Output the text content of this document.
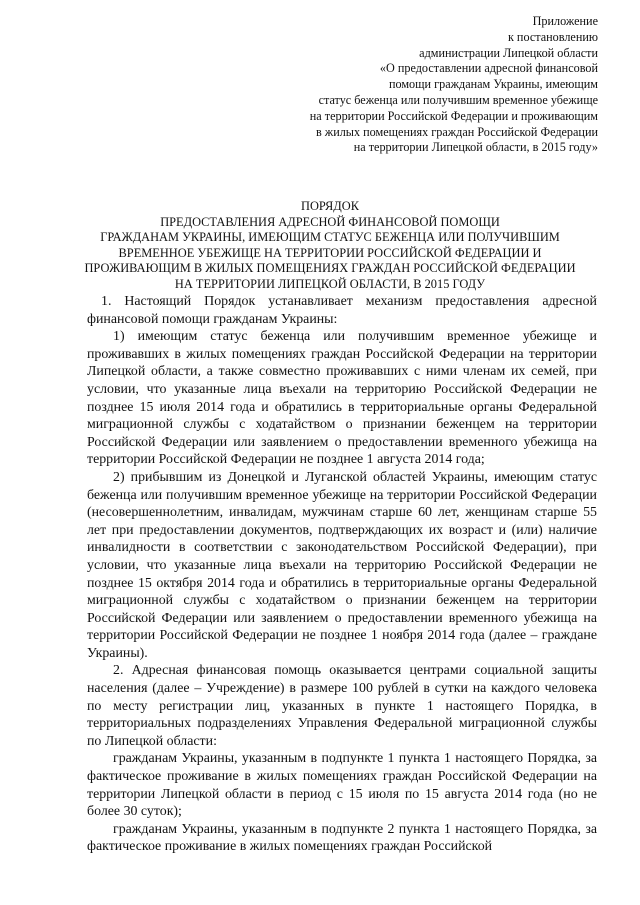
Приложение
к постановлению
администрации Липецкой области
«О предоставлении адресной финансовой
помощи гражданам Украины, имеющим
статус беженца или получившим временное убежище
на территории Российской Федерации и проживающим
в жилых помещениях граждан Российской Федерации
на территории Липецкой области, в 2015 году»
ПОРЯДОК
ПРЕДОСТАВЛЕНИЯ АДРЕСНОЙ ФИНАНСОВОЙ ПОМОЩИ
ГРАЖДАНАМ УКРАИНЫ, ИМЕЮЩИМ СТАТУС БЕЖЕНЦА ИЛИ ПОЛУЧИВШИМ
ВРЕМЕННОЕ УБЕЖИЩЕ НА ТЕРРИТОРИИ РОССИЙСКОЙ ФЕДЕРАЦИИ И
ПРОЖИВАЮЩИМ В ЖИЛЫХ ПОМЕЩЕНИЯХ ГРАЖДАН РОССИЙСКОЙ ФЕДЕРАЦИИ
НА ТЕРРИТОРИИ ЛИПЕЦКОЙ ОБЛАСТИ, В 2015 ГОДУ

1. Настоящий Порядок устанавливает механизм предоставления адресной финансовой помощи гражданам Украины:

1) имеющим статус беженца или получившим временное убежище и проживавших в жилых помещениях граждан Российской Федерации на территории Липецкой области, а также совместно проживавших с ними членам их семей, при условии, что указанные лица въехали на территорию Российской Федерации не позднее 15 июля 2014 года и обратились в территориальные органы Федеральной миграционной службы с ходатайством о признании беженцем на территории Российской Федерации или заявлением о предоставлении временного убежища на территории Российской Федерации не позднее 1 августа 2014 года;

2) прибывшим из Донецкой и Луганской областей Украины, имеющим статус беженца или получившим временное убежище на территории Российской Федерации (несовершеннолетним, инвалидам, мужчинам старше 60 лет, женщинам старше 55 лет при предоставлении документов, подтверждающих их возраст и (или) наличие инвалидности в соответствии с законодательством Российской Федерации), при условии, что указанные лица въехали на территорию Российской Федерации не позднее 15 октября 2014 года и обратились в территориальные органы Федеральной миграционной службы с ходатайством о признании беженцем на территории Российской Федерации или заявлением о предоставлении временного убежища на территории Российской Федерации не позднее 1 ноября 2014 года (далее – граждане Украины).

2. Адресная финансовая помощь оказывается центрами социальной защиты населения (далее – Учреждение) в размере 100 рублей в сутки на каждого человека по месту регистрации лиц, указанных в пункте 1 настоящего Порядка, в территориальных подразделениях Управления Федеральной миграционной службы по Липецкой области:

гражданам Украины, указанным в подпункте 1 пункта 1 настоящего Порядка, за фактическое проживание в жилых помещениях граждан Российской Федерации на территории Липецкой области в период с 15 июля по 15 августа 2014 года (но не более 30 суток);

гражданам Украины, указанным в подпункте 2 пункта 1 настоящего Порядка, за фактическое проживание в жилых помещениях граждан Российской
